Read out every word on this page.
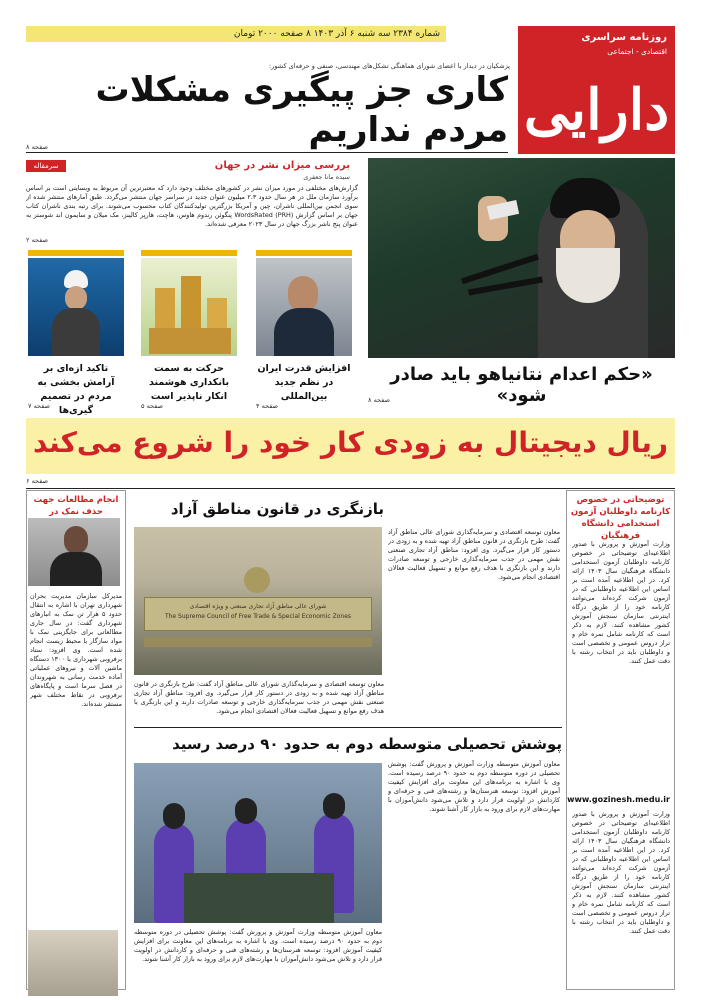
شماره ۲۳۸۴ سه شنبه ۶ آذر ۱۴۰۳ ۸ صفحه ۲۰۰۰ تومان	روزنامه سراسری
اقتصادی - اجتماعی
دارایی
پزشکیان در دیدار با اعضای شورای هماهنگی تشکل‌های مهندسی، صنفی و حرفه‌ای کشور:
کاری جز پیگیری مشکلات مردم نداریم
صفحه ۸
سرمقاله	بررسی میزان نشر در جهان
سیده مانا جعفری
گزارش‌های مختلفی در مورد میزان نشر در کشورهای مختلف وجود دارد که معتبرترین آن مربوط به وبسایتی است بر اساس برآورد سازمان ملل در هر سال حدود ۲.۳ میلیون عنوان جدید در سراسر جهان منتشر می‌گردد. طبق آمارهای منتشر شده از سوی انجمن بین‌المللی ناشران، چین و آمریکا بزرگترین تولیدکنندگان کتاب محسوب می‌شوند. برای رتبه بندی ناشران کتاب جهان بر اساس گزارش WordsRated (PRH) پنگوئن رندوم هاوس، هاچت، هارپر کالینز، مک میلان و سایمون اند شوستر به عنوان پنج ناشر بزرگ جهان در سال ۲۰۲۳ معرفی شده‌اند.
صفحه ۲
افزایش قدرت ایران در نظم جدید بین‌المللی
حرکت به سمت بانکداری هوشمند انکار ناپذیر است
تاکید ازه‌ای بر آرامش بخشی به مردم در تصمیم گیری‌ها	صفحه ۴
صفحه ۵
صفحه ۷
«حکم اعدام نتانیاهو باید صادر شود»
صفحه ۸
ریال دیجیتال به زودی کار خود را شروع می‌کند
صفحه ۶
توضیحاتی در خصوص کارنامه داوطلبان آزمون استخدامی دانشگاه فرهنگیان
وزارت آموزش و پرورش با صدور اطلاعیه‌ای توضیحاتی در خصوص کارنامه داوطلبان آزمون استخدامی دانشگاه فرهنگیان سال ۱۴۰۳ ارائه کرد. در این اطلاعیه آمده است بر اساس این اطلاعیه داوطلبانی که در آزمون شرکت کرده‌اند می‌توانند کارنامه خود را از طریق درگاه اینترنتی سازمان سنجش آموزش کشور مشاهده کنند. لازم به ذکر است که کارنامه شامل نمره خام و تراز دروس عمومی و تخصصی است و داوطلبان باید در انتخاب رشته با دقت عمل کنند.
www.gozinesh.medu.ir
وزارت آموزش و پرورش با صدور اطلاعیه‌ای توضیحاتی در خصوص کارنامه داوطلبان آزمون استخدامی دانشگاه فرهنگیان سال ۱۴۰۳ ارائه کرد. در این اطلاعیه آمده است بر اساس این اطلاعیه داوطلبانی که در آزمون شرکت کرده‌اند می‌توانند کارنامه خود را از طریق درگاه اینترنتی سازمان سنجش آموزش کشور مشاهده کنند. لازم به ذکر است که کارنامه شامل نمره خام و تراز دروس عمومی و تخصصی است و داوطلبان باید در انتخاب رشته با دقت عمل کنند.
بازنگری در قانون مناطق آزاد
شورای عالی مناطق آزاد تجاری صنعتی و ویژه اقتصادی
The Supreme Council of Free Trade & Special Economic Zones
معاون توسعه اقتصادی و سرمایه‌گذاری شورای عالی مناطق آزاد گفت: طرح بازنگری در قانون مناطق آزاد تهیه شده و به زودی در دستور کار قرار می‌گیرد. وی افزود: مناطق آزاد تجاری صنعتی نقش مهمی در جذب سرمایه‌گذاری خارجی و توسعه صادرات دارند و این بازنگری با هدف رفع موانع و تسهیل فعالیت فعالان اقتصادی انجام می‌شود.
معاون توسعه اقتصادی و سرمایه‌گذاری شورای عالی مناطق آزاد گفت: طرح بازنگری در قانون مناطق آزاد تهیه شده و به زودی در دستور کار قرار می‌گیرد. وی افزود: مناطق آزاد تجاری صنعتی نقش مهمی در جذب سرمایه‌گذاری خارجی و توسعه صادرات دارند و این بازنگری با هدف رفع موانع و تسهیل فعالیت فعالان اقتصادی انجام می‌شود.
پوشش تحصیلی متوسطه دوم به حدود ۹۰ درصد رسید
معاون آموزش متوسطه وزارت آموزش و پرورش گفت: پوشش تحصیلی در دوره متوسطه دوم به حدود ۹۰ درصد رسیده است. وی با اشاره به برنامه‌های این معاونت برای افزایش کیفیت آموزش افزود: توسعه هنرستان‌ها و رشته‌های فنی و حرفه‌ای و کاردانش در اولویت قرار دارد و تلاش می‌شود دانش‌آموزان با مهارت‌های لازم برای ورود به بازار کار آشنا شوند.
معاون آموزش متوسطه وزارت آموزش و پرورش گفت: پوشش تحصیلی در دوره متوسطه دوم به حدود ۹۰ درصد رسیده است. وی با اشاره به برنامه‌های این معاونت برای افزایش کیفیت آموزش افزود: توسعه هنرستان‌ها و رشته‌های فنی و حرفه‌ای و کاردانش در اولویت قرار دارد و تلاش می‌شود دانش‌آموزان با مهارت‌های لازم برای ورود به بازار کار آشنا شوند.
انجام مطالعات جهت حذف نمک در
مدیرکل سازمان مدیریت بحران شهرداری تهران با اشاره به انتقال حدود ۵ هزار تن نمک به انبارهای شهرداری گفت: در سال جاری مطالعاتی برای جایگزینی نمک با مواد سازگار با محیط زیست انجام شده است. وی افزود: ستاد برفروبی شهرداری با ۱۳۰۰ دستگاه ماشین آلات و نیروهای عملیاتی آماده خدمت رسانی به شهروندان در فصل سرما است و پایگاه‌های برفروبی در نقاط مختلف شهر مستقر شده‌اند.
